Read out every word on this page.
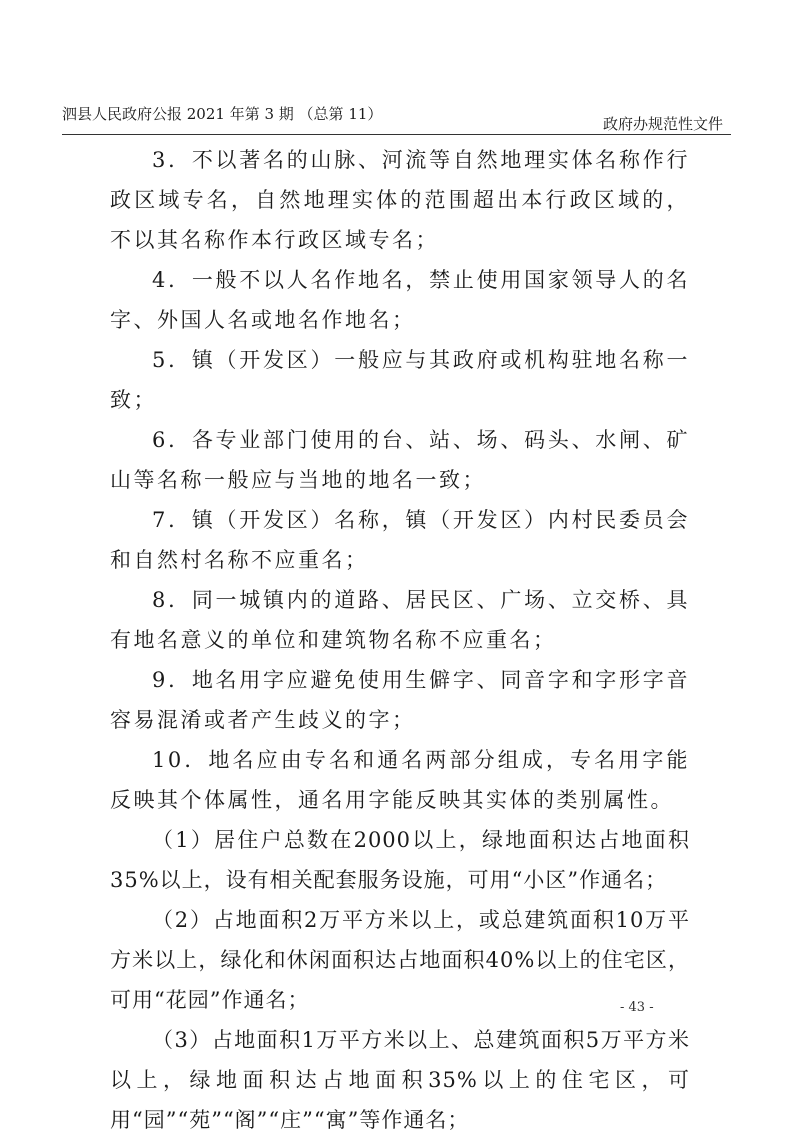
泗县人民政府公报 2021 年第 3 期 （总第 11）
政府办规范性文件

3．不以著名的山脉、河流等自然地理实体名称作行政区域专名，自然地理实体的范围超出本行政区域的，不以其名称作本行政区域专名；

4．一般不以人名作地名，禁止使用国家领导人的名字、外国人名或地名作地名；

5．镇（开发区）一般应与其政府或机构驻地名称一致；

6．各专业部门使用的台、站、场、码头、水闸、矿山等名称一般应与当地的地名一致；

7．镇（开发区）名称，镇（开发区）内村民委员会和自然村名称不应重名；

8．同一城镇内的道路、居民区、广场、立交桥、具有地名意义的单位和建筑物名称不应重名；

9．地名用字应避免使用生僻字、同音字和字形字音容易混淆或者产生歧义的字；

10．地名应由专名和通名两部分组成，专名用字能反映其个体属性，通名用字能反映其实体的类别属性。

（1）居住户总数在2000以上，绿地面积达占地面积35%以上，设有相关配套服务设施，可用“小区”作通名；

（2）占地面积2万平方米以上，或总建筑面积10万平方米以上，绿化和休闲面积达占地面积40%以上的住宅区，可用“花园”作通名；

（3）占地面积1万平方米以上、总建筑面积5万平方米以上，绿地面积达占地面积35%以上的住宅区，可用“园”“苑”“阁”“庄”“寓”等作通名；

- 43 -
